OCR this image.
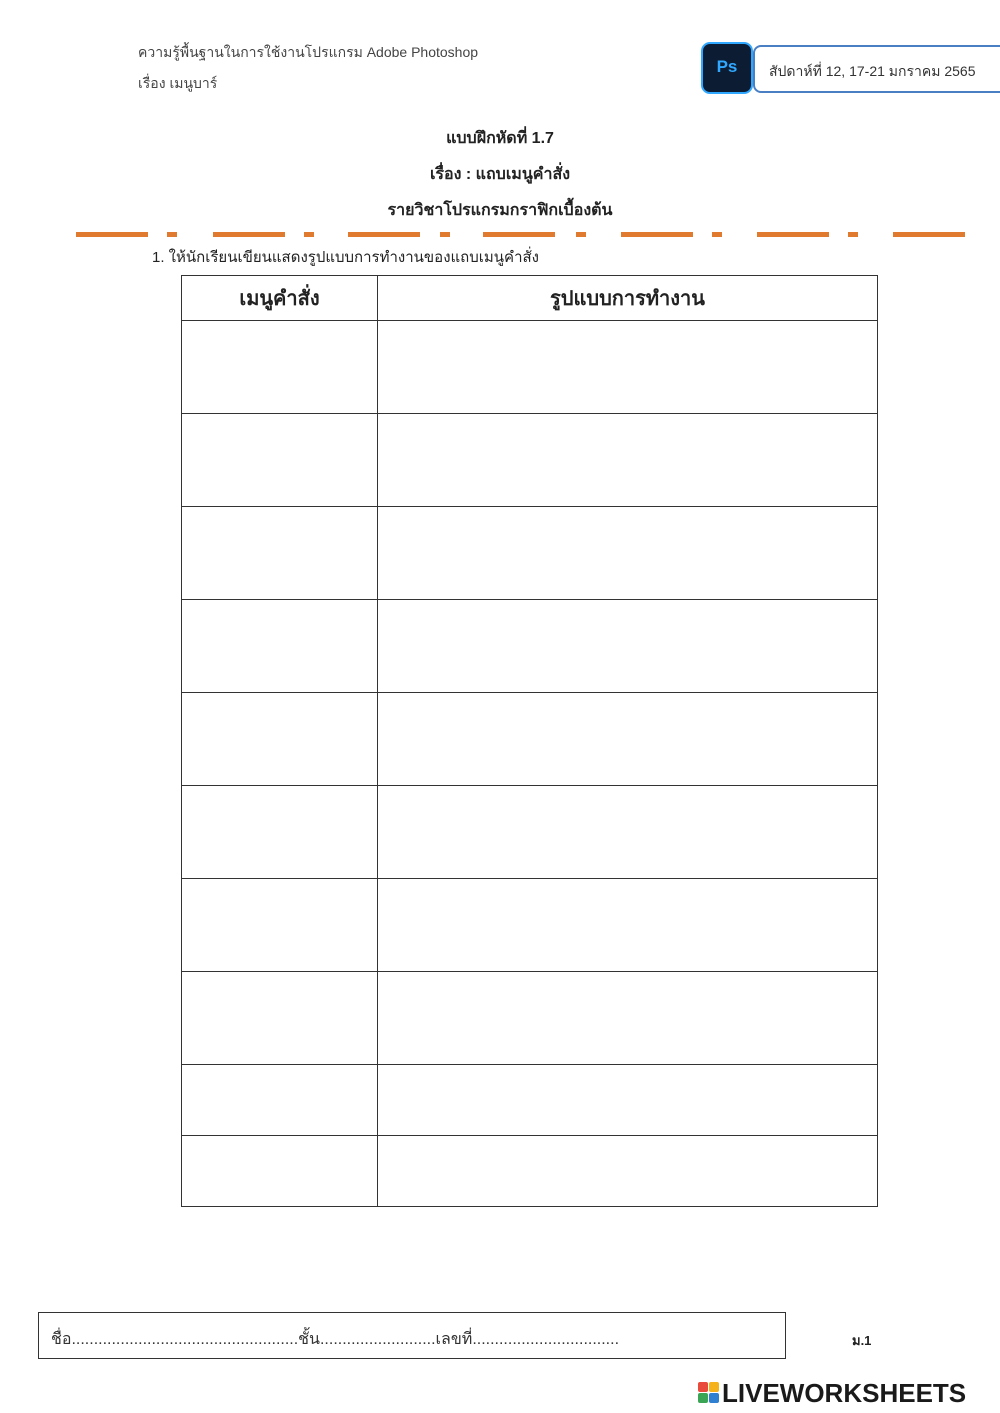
ความรู้พื้นฐานในการใช้งานโปรแกรม Adobe Photoshop
เรื่อง เมนูบาร์
Ps	สัปดาห์ที่ 12, 17-21 มกราคม 2565
แบบฝึกหัดที่ 1.7
เรื่อง : แถบเมนูคำสั่ง
รายวิชาโปรแกรมกราฟิกเบื้องต้น
1. ให้นักเรียนเขียนแสดงรูปแบบการทำงานของแถบเมนูคำสั่ง
เมนูคำสั่ง	รูปแบบการทำงาน

ชื่อ...................................................ชั้น..........................เลขที่.................................	ม.1
LIVEWORKSHEETS
